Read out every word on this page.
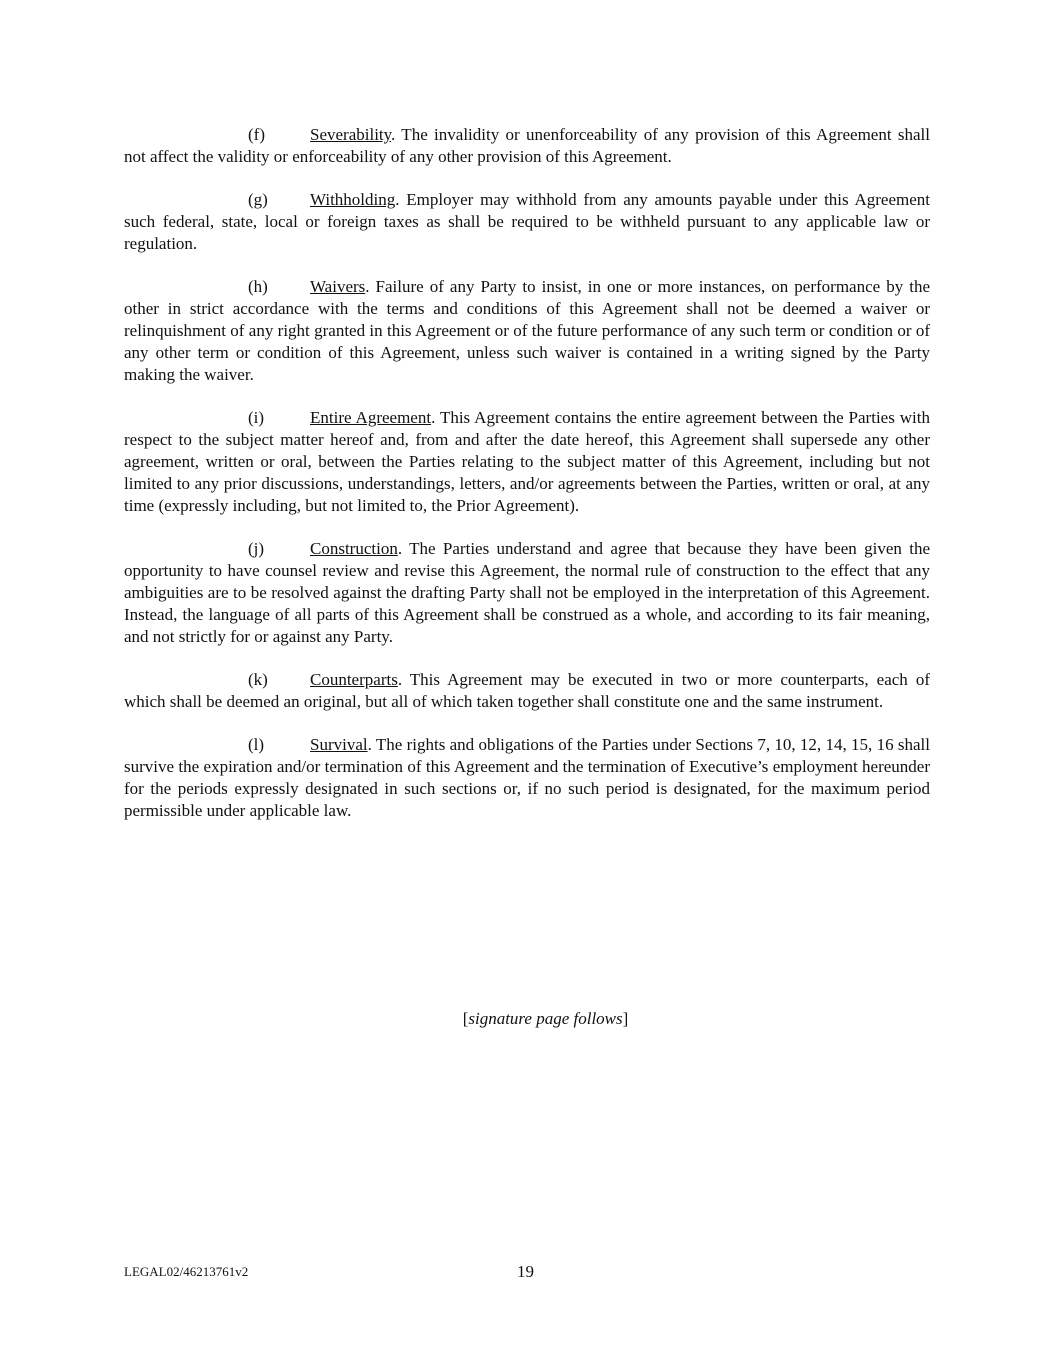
(f)	Severability. The invalidity or unenforceability of any provision of this Agreement shall not affect the validity or enforceability of any other provision of this Agreement.

(g) Withholding. Employer may withhold from any amounts payable under this Agreement such federal, state, local or foreign taxes as shall be required to be withheld pursuant to any applicable law or regulation.

(h) Waivers. Failure of any Party to insist, in one or more instances, on performance by the other in strict accordance with the terms and conditions of this Agreement shall not be deemed a waiver or relinquishment of any right granted in this Agreement or of the future performance of any such term or condition or of any other term or condition of this Agreement, unless such waiver is contained in a writing signed by the Party making the waiver.

(i)	Entire Agreement. This Agreement contains the entire agreement between the Parties with respect to the subject matter hereof and, from and after the date hereof, this Agreement shall supersede any other agreement, written or oral, between the Parties relating to the subject matter of this Agreement, including but not limited to any prior discussions, understandings, letters, and/or agreements between the Parties, written or oral, at any time (expressly including, but not limited to, the Prior Agreement).

(j)	Construction. The Parties understand and agree that because they have been given the opportunity to have counsel review and revise this Agreement, the normal rule of construction to the effect that any ambiguities are to be resolved against the drafting Party shall not be employed in the interpretation of this Agreement. Instead, the language of all parts of this Agreement shall be construed as a whole, and according to its fair meaning, and not strictly for or against any Party.

(k) Counterparts. This Agreement may be executed in two or more counterparts, each of which shall be deemed an original, but all of which taken together shall constitute one and the same instrument.

(l)	Survival. The rights and obligations of the Parties under Sections 7, 10, 12, 14, 15, 16 shall survive the expiration and/or termination of this Agreement and the termination of Executive’s employment hereunder for the periods expressly designated in such sections or, if no such period is designated, for the maximum period permissible under applicable law.

[signature page follows]
LEGAL02/46213761v2	19
